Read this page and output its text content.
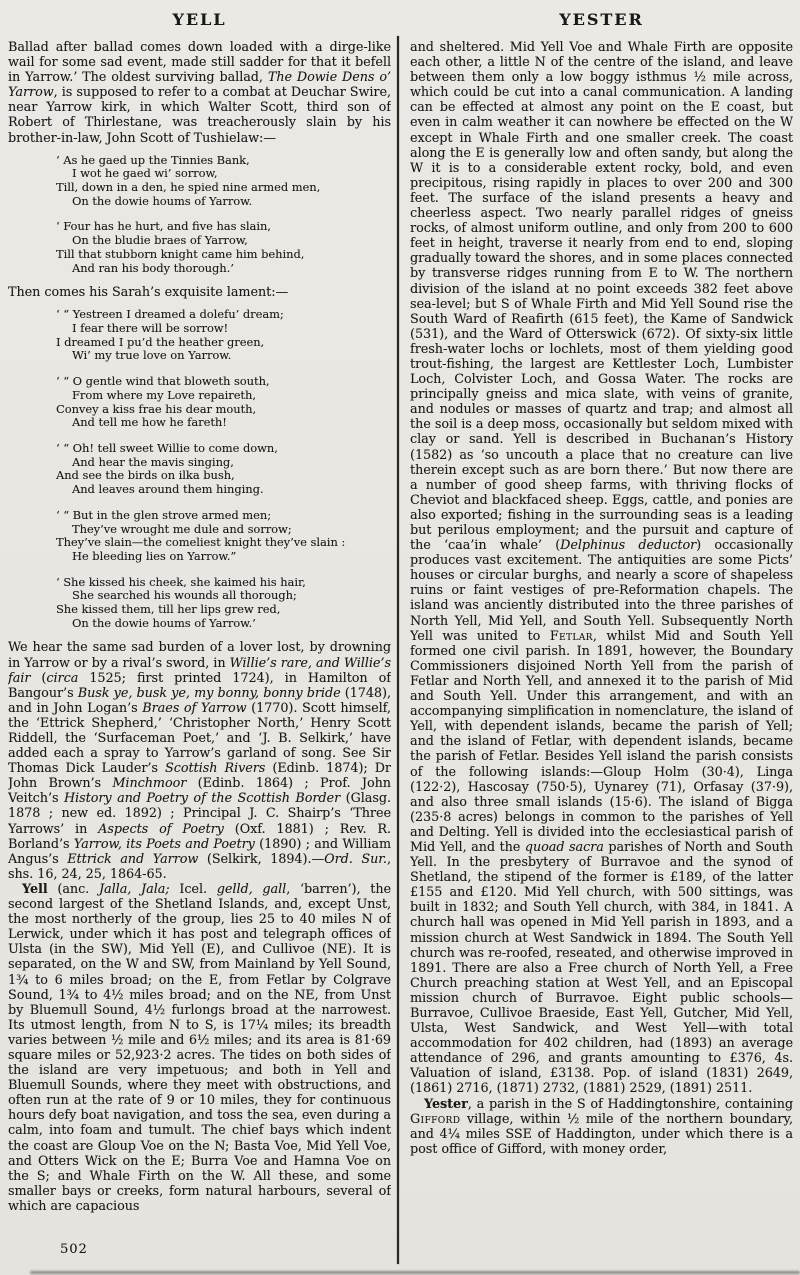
YELL

Ballad after ballad comes down loaded with a dirge-like wail for some sad event, made still sadder for that it befell in Yarrow.’ The oldest surviving ballad, The Dowie Dens o’ Yarrow, is supposed to refer to a combat at Deuchar Swire, near Yarrow kirk, in which Walter Scott, third son of Robert of Thirlestane, was treacherously slain by his brother-in-law, John Scott of Tushielaw:—

‘ As he gaed up the Tinnies Bank,
I wot he gaed wi’ sorrow,
Till, down in a den, he spied nine armed men,
On the dowie houms of Yarrow.
‘ Four has he hurt, and five has slain,
On the bludie braes of Yarrow,
Till that stubborn knight came him behind,
And ran his body thorough.’

Then comes his Sarah’s exquisite lament:—

‘ “ Yestreen I dreamed a dolefu’ dream;
I fear there will be sorrow!
I dreamed I pu’d the heather green,
Wi’ my true love on Yarrow.
‘ “ O gentle wind that bloweth south,
From where my Love repaireth,
Convey a kiss frae his dear mouth,
And tell me how he fareth!
‘ “ Oh! tell sweet Willie to come down,
And hear the mavis singing,
And see the birds on ilka bush,
And leaves around them hinging.
‘ “ But in the glen strove armed men;
They’ve wrought me dule and sorrow;
They’ve slain—the comeliest knight they’ve slain :
He bleeding lies on Yarrow.”
‘ She kissed his cheek, she kaimed his hair,
She searched his wounds all thorough;
She kissed them, till her lips grew red,
On the dowie houms of Yarrow.’

We hear the same sad burden of a lover lost, by drowning in Yarrow or by a rival’s sword, in Willie’s rare, and Willie’s fair (circa 1525; first printed 1724), in Hamilton of Bangour’s Busk ye, busk ye, my bonny, bonny bride (1748), and in John Logan’s Braes of Yarrow (1770). Scott himself, the ‘Ettrick Shepherd,’ ‘Christopher North,’ Henry Scott Riddell, the ‘Surfaceman Poet,’ and ‘J. B. Selkirk,’ have added each a spray to Yarrow’s garland of song. See Sir Thomas Dick Lauder’s Scottish Rivers (Edinb. 1874); Dr John Brown’s Minchmoor (Edinb. 1864) ; Prof. John Veitch’s History and Poetry of the Scottish Border (Glasg. 1878 ; new ed. 1892) ; Principal J. C. Shairp’s ‘Three Yarrows’ in Aspects of Poetry (Oxf. 1881) ; Rev. R. Borland’s Yarrow, its Poets and Poetry (1890) ; and William Angus’s Ettrick and Yarrow (Selkirk, 1894).—Ord. Sur., shs. 16, 24, 25, 1864-65.

Yell (anc. Jalla, Jala; Icel. gelld, gall, ‘barren’), the second largest of the Shetland Islands, and, except Unst, the most northerly of the group, lies 25 to 40 miles N of Lerwick, under which it has post and telegraph offices of Ulsta (in the SW), Mid Yell (E), and Cullivoe (NE). It is separated, on the W and SW, from Mainland by Yell Sound, 1¾ to 6 miles broad; on the E, from Fetlar by Colgrave Sound, 1¾ to 4½ miles broad; and on the NE, from Unst by Bluemull Sound, 4½ furlongs broad at the narrowest. Its utmost length, from N to S, is 17¼ miles; its breadth varies between ½ mile and 6½ miles; and its area is 81·69 square miles or 52,923·2 acres. The tides on both sides of the island are very impetuous; and both in Yell and Bluemull Sounds, where they meet with obstructions, and often run at the rate of 9 or 10 miles, they for continuous hours defy boat navigation, and toss the sea, even during a calm, into foam and tumult. The chief bays which indent the coast are Gloup Voe on the N; Basta Voe, Mid Yell Voe, and Otters Wick on the E; Burra Voe and Hamna Voe on the S; and Whale Firth on the W. All these, and some smaller bays or creeks, form natural harbours, several of which are capacious

YESTER

and sheltered. Mid Yell Voe and Whale Firth are opposite each other, a little N of the centre of the island, and leave between them only a low boggy isthmus ½ mile across, which could be cut into a canal communication. A landing can be effected at almost any point on the E coast, but even in calm weather it can nowhere be effected on the W except in Whale Firth and one smaller creek. The coast along the E is generally low and often sandy, but along the W it is to a considerable extent rocky, bold, and even precipitous, rising rapidly in places to over 200 and 300 feet. The surface of the island presents a heavy and cheerless aspect. Two nearly parallel ridges of gneiss rocks, of almost uniform outline, and only from 200 to 600 feet in height, traverse it nearly from end to end, sloping gradually toward the shores, and in some places connected by transverse ridges running from E to W. The northern division of the island at no point exceeds 382 feet above sea-level; but S of Whale Firth and Mid Yell Sound rise the South Ward of Reafirth (615 feet), the Kame of Sandwick (531), and the Ward of Otterswick (672). Of sixty-six little fresh-water lochs or lochlets, most of them yielding good trout-fishing, the largest are Kettlester Loch, Lumbister Loch, Colvister Loch, and Gossa Water. The rocks are principally gneiss and mica slate, with veins of granite, and nodules or masses of quartz and trap; and almost all the soil is a deep moss, occasionally but seldom mixed with clay or sand. Yell is described in Buchanan’s History (1582) as ‘so uncouth a place that no creature can live therein except such as are born there.’ But now there are a number of good sheep farms, with thriving flocks of Cheviot and blackfaced sheep. Eggs, cattle, and ponies are also exported; fishing in the surrounding seas is a leading but perilous employment; and the pursuit and capture of the ‘caa’in whale’ (Delphinus deductor) occasionally produces vast excitement. The antiquities are some Picts’ houses or circular burghs, and nearly a score of shapeless ruins or faint vestiges of pre-Reformation chapels. The island was anciently distributed into the three parishes of North Yell, Mid Yell, and South Yell. Subsequently North Yell was united to Fetlar, whilst Mid and South Yell formed one civil parish. In 1891, however, the Boundary Commissioners disjoined North Yell from the parish of Fetlar and North Yell, and annexed it to the parish of Mid and South Yell. Under this arrangement, and with an accompanying simplification in nomenclature, the island of Yell, with dependent islands, became the parish of Yell; and the island of Fetlar, with dependent islands, became the parish of Fetlar. Besides Yell island the parish consists of the following islands:—Gloup Holm (30·4), Linga (122·2), Hascosay (750·5), Uynarey (71), Orfasay (37·9), and also three small islands (15·6). The island of Bigga (235·8 acres) belongs in common to the parishes of Yell and Delting. Yell is divided into the ecclesiastical parish of Mid Yell, and the quoad sacra parishes of North and South Yell. In the presbytery of Burravoe and the synod of Shetland, the stipend of the former is £189, of the latter £155 and £120. Mid Yell church, with 500 sittings, was built in 1832; and South Yell church, with 384, in 1841. A church hall was opened in Mid Yell parish in 1893, and a mission church at West Sandwick in 1894. The South Yell church was re-roofed, reseated, and otherwise improved in 1891. There are also a Free church of North Yell, a Free Church preaching station at West Yell, and an Episcopal mission church of Burravoe. Eight public schools—Burravoe, Cullivoe Braeside, East Yell, Gutcher, Mid Yell, Ulsta, West Sandwick, and West Yell—with total accommodation for 402 children, had (1893) an average attendance of 296, and grants amounting to £376, 4s. Valuation of island, £3138. Pop. of island (1831) 2649, (1861) 2716, (1871) 2732, (1881) 2529, (1891) 2511.

Yester, a parish in the S of Haddingtonshire, containing Gifford village, within ½ mile of the northern boundary, and 4¼ miles SSE of Haddington, under which there is a post office of Gifford, with money order,

502
